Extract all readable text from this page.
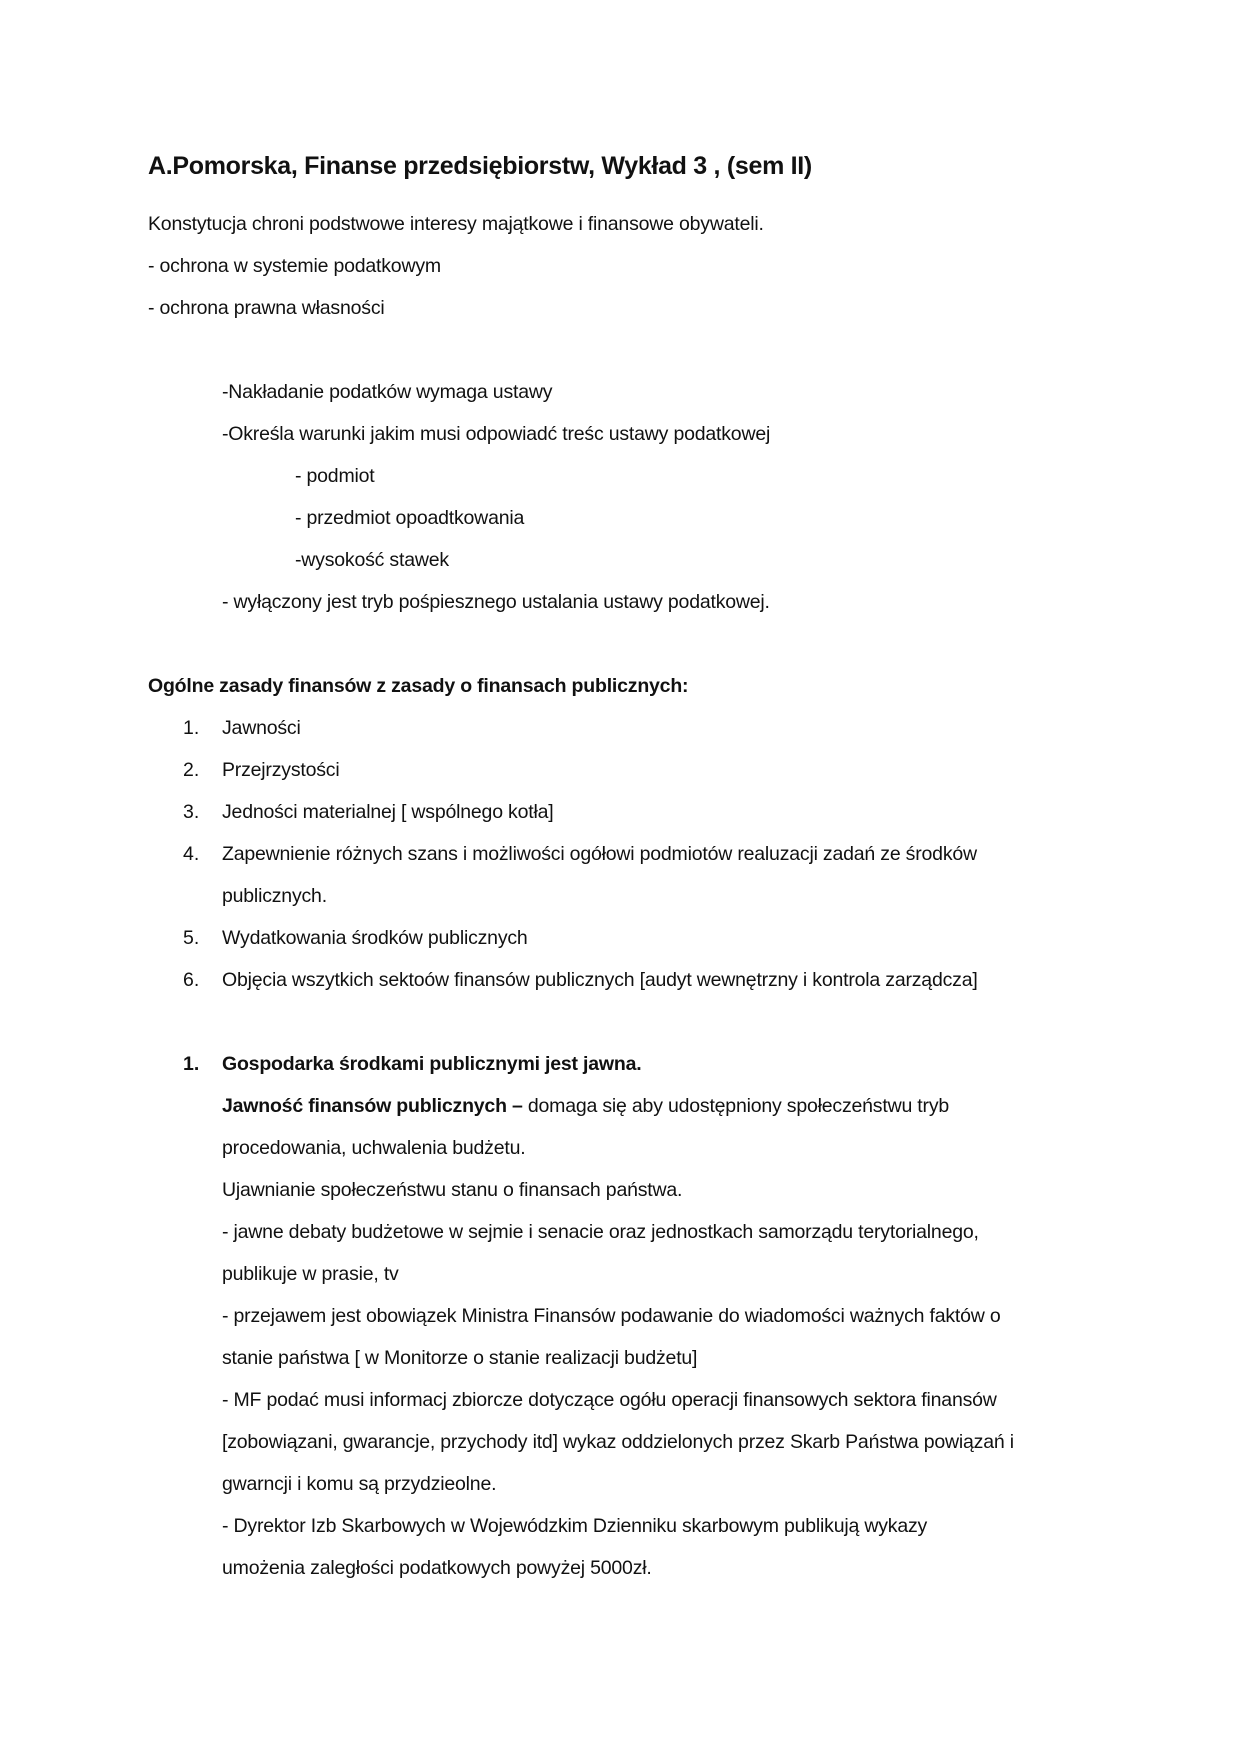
A.Pomorska, Finanse przedsiębiorstw, Wykład 3 , (sem II)
Konstytucja chroni podstwowe interesy majątkowe i finansowe obywateli.
- ochrona w systemie podatkowym
- ochrona prawna własności
-Nakładanie podatków wymaga ustawy
-Określa warunki jakim musi odpowiadć treśc ustawy podatkowej
- podmiot
- przedmiot opoadtkowania
-wysokość stawek
- wyłączony jest tryb pośpiesznego ustalania ustawy podatkowej.
Ogólne zasady finansów z zasady o finansach publicznych:
1. Jawności
2. Przejrzystości
3. Jedności materialnej [ wspólnego kotła]
4. Zapewnienie różnych szans i możliwości ogółowi podmiotów realuzacji zadań ze środków
publicznych.
5. Wydatkowania środków publicznych
6. Objęcia wszytkich sektoów finansów publicznych [audyt wewnętrzny i kontrola zarządcza]
1. Gospodarka środkami publicznymi jest jawna.
Jawność finansów publicznych – domaga się aby udostępniony społeczeństwu tryb
procedowania, uchwalenia budżetu.
Ujawnianie społeczeństwu stanu o finansach państwa.
- jawne debaty budżetowe w sejmie i senacie oraz jednostkach samorządu terytorialnego,
publikuje w prasie, tv
- przejawem jest obowiązek Ministra Finansów podawanie do wiadomości ważnych faktów o
stanie państwa [ w Monitorze o stanie realizacji budżetu]
- MF podać musi informacj zbiorcze dotyczące ogółu operacji finansowych sektora finansów
[zobowiązani, gwarancje, przychody itd] wykaz oddzielonych przez Skarb Państwa powiązań i
gwarncji i komu są przydzieolne.
- Dyrektor Izb Skarbowych w Wojewódzkim Dzienniku skarbowym publikują wykazy
umożenia zaległości podatkowych powyżej 5000zł.
